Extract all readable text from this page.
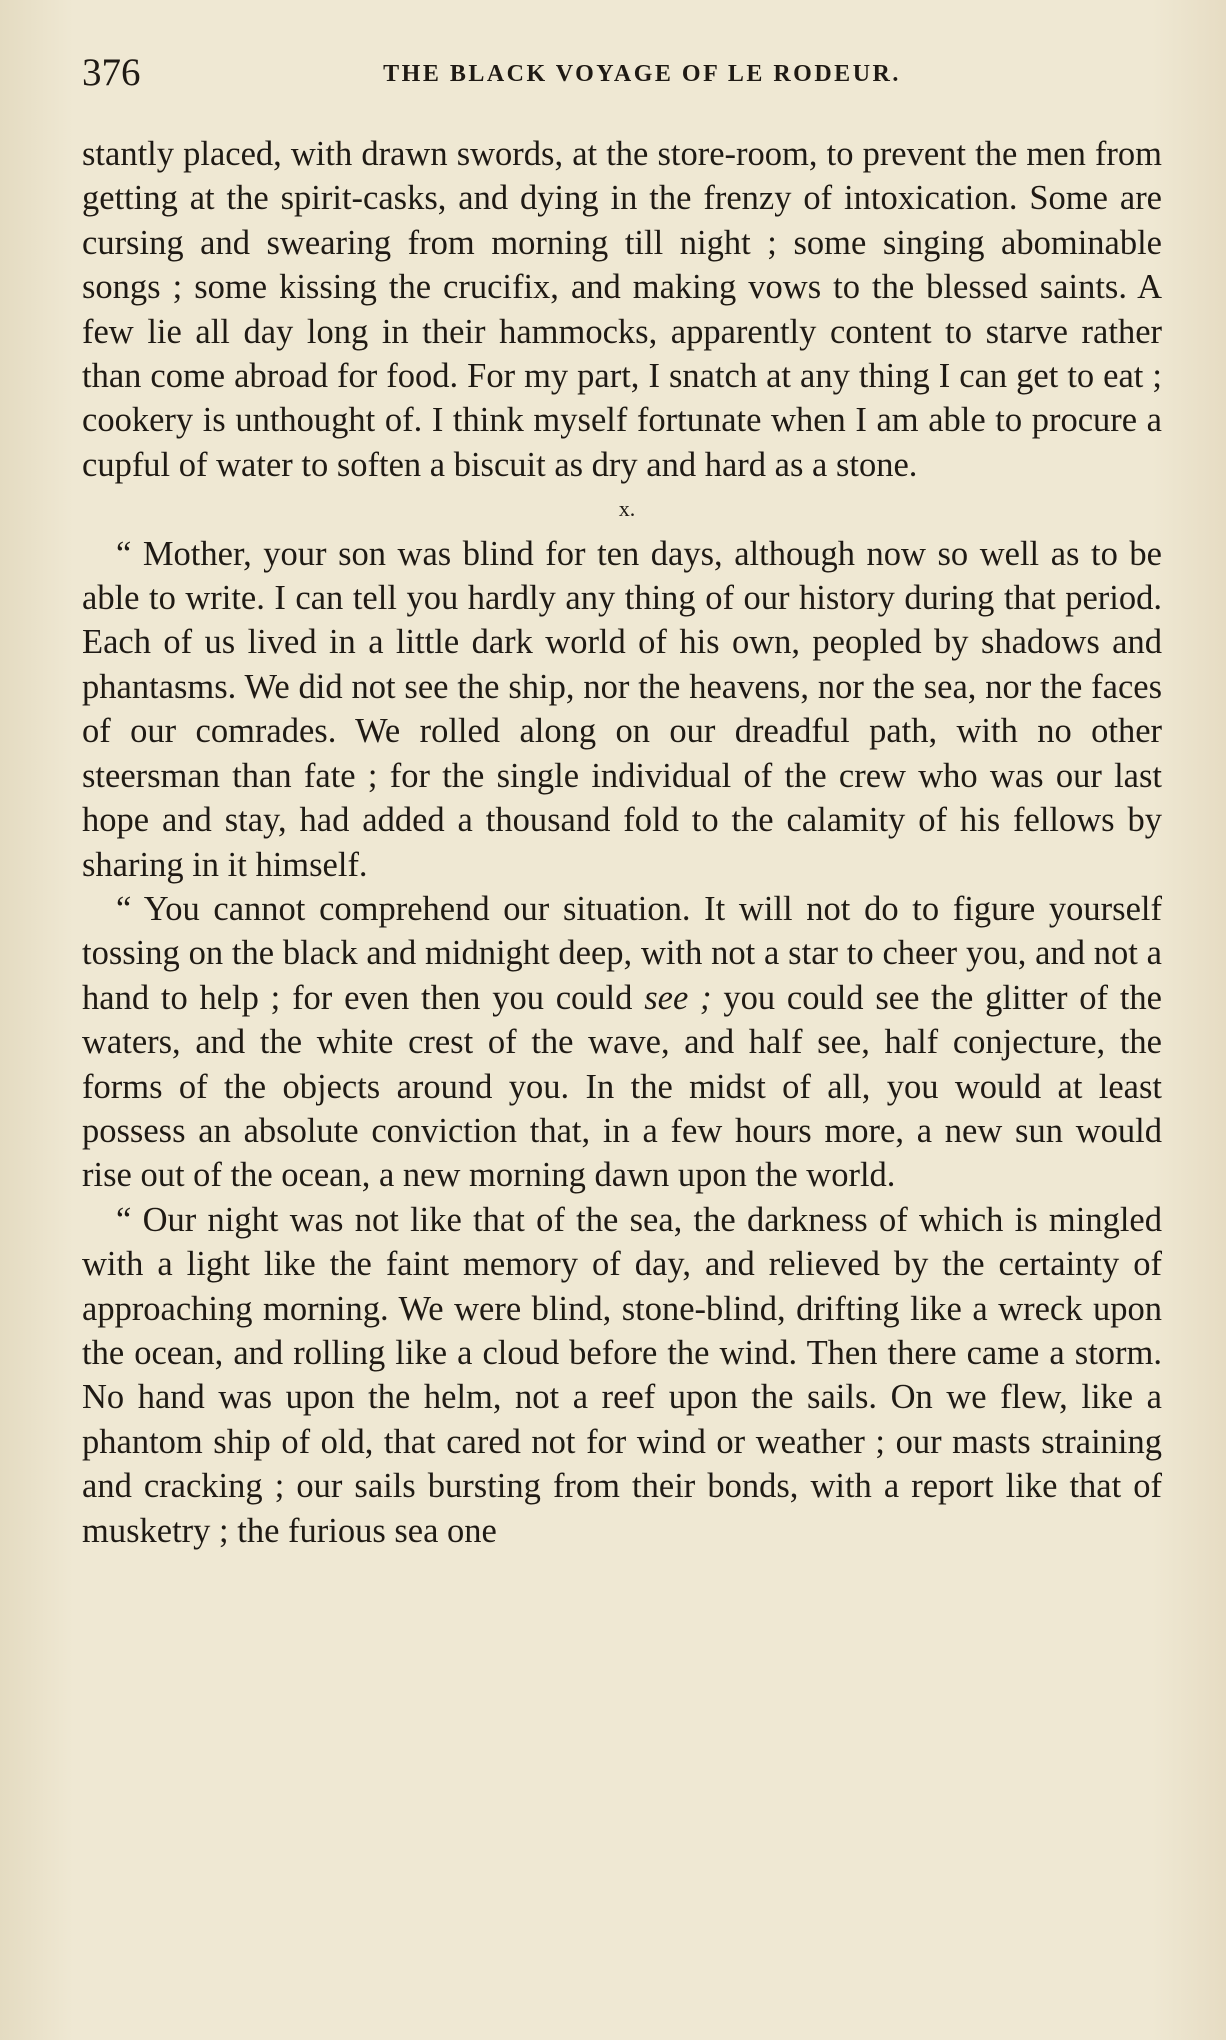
376	THE BLACK VOYAGE OF LE RODEUR.

stantly placed, with drawn swords, at the store-room, to prevent the men from getting at the spirit-casks, and dying in the frenzy of intoxication. Some are cursing and swearing from morning till night ; some singing abominable songs ; some kissing the crucifix, and making vows to the blessed saints. A few lie all day long in their hammocks, apparently content to starve rather than come abroad for food. For my part, I snatch at any thing I can get to eat ; cookery is unthought of. I think myself fortunate when I am able to procure a cupful of water to soften a biscuit as dry and hard as a stone.

x.

“ Mother, your son was blind for ten days, although now so well as to be able to write. I can tell you hardly any thing of our history during that period. Each of us lived in a little dark world of his own, peopled by shadows and phantasms. We did not see the ship, nor the heavens, nor the sea, nor the faces of our comrades. We rolled along on our dreadful path, with no other steersman than fate ; for the single individual of the crew who was our last hope and stay, had added a thousand fold to the calamity of his fellows by sharing in it himself.

“ You cannot comprehend our situation. It will not do to figure yourself tossing on the black and midnight deep, with not a star to cheer you, and not a hand to help ; for even then you could see ; you could see the glitter of the waters, and the white crest of the wave, and half see, half conjecture, the forms of the objects around you. In the midst of all, you would at least possess an absolute conviction that, in a few hours more, a new sun would rise out of the ocean, a new morning dawn upon the world.

“ Our night was not like that of the sea, the darkness of which is mingled with a light like the faint memory of day, and relieved by the certainty of approaching morning. We were blind, stone-blind, drifting like a wreck upon the ocean, and rolling like a cloud before the wind. Then there came a storm. No hand was upon the helm, not a reef upon the sails. On we flew, like a phantom ship of old, that cared not for wind or weather ; our masts straining and cracking ; our sails bursting from their bonds, with a report like that of musketry ; the furious sea one
